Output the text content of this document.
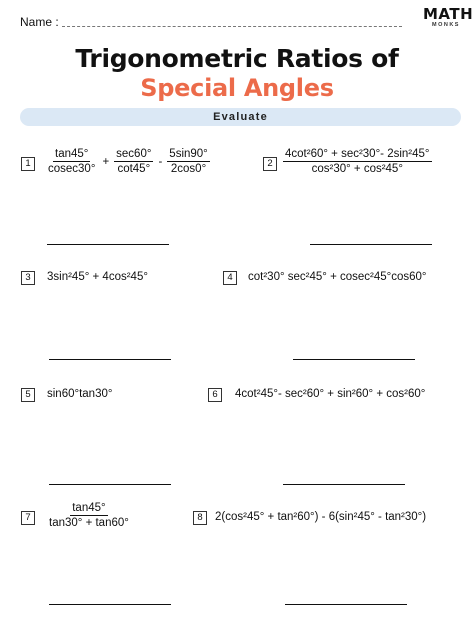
Name :	MATH
MONKS
Trigonometric Ratios of
Special Angles
Evaluate
1	$\frac{\tan 45^\circ}{cosec30^\circ} + \frac{\sec 60^\circ}{\cot 45^\circ} - \frac{5\sin 90^\circ}{2\cos 0^\circ}$	$2 \frac{\text{4cot²60° + sec²30°- 2sin²45°}}{\text{cos²30° + cos²45°}}$
3	3sin²45° + 4cos²45°	4	cot²30° sec²45° + cosec²45°cos60°
5	sin60°tan30°	6	4cot²45°- sec²60° + sin²60° + cos²60°
7	$\frac{\tan 45^\circ}{\tan 30^\circ + \tan 60^\circ}$	8	2(cos²45° + tan²60°) - 6(sin²45° - tan²30°)
